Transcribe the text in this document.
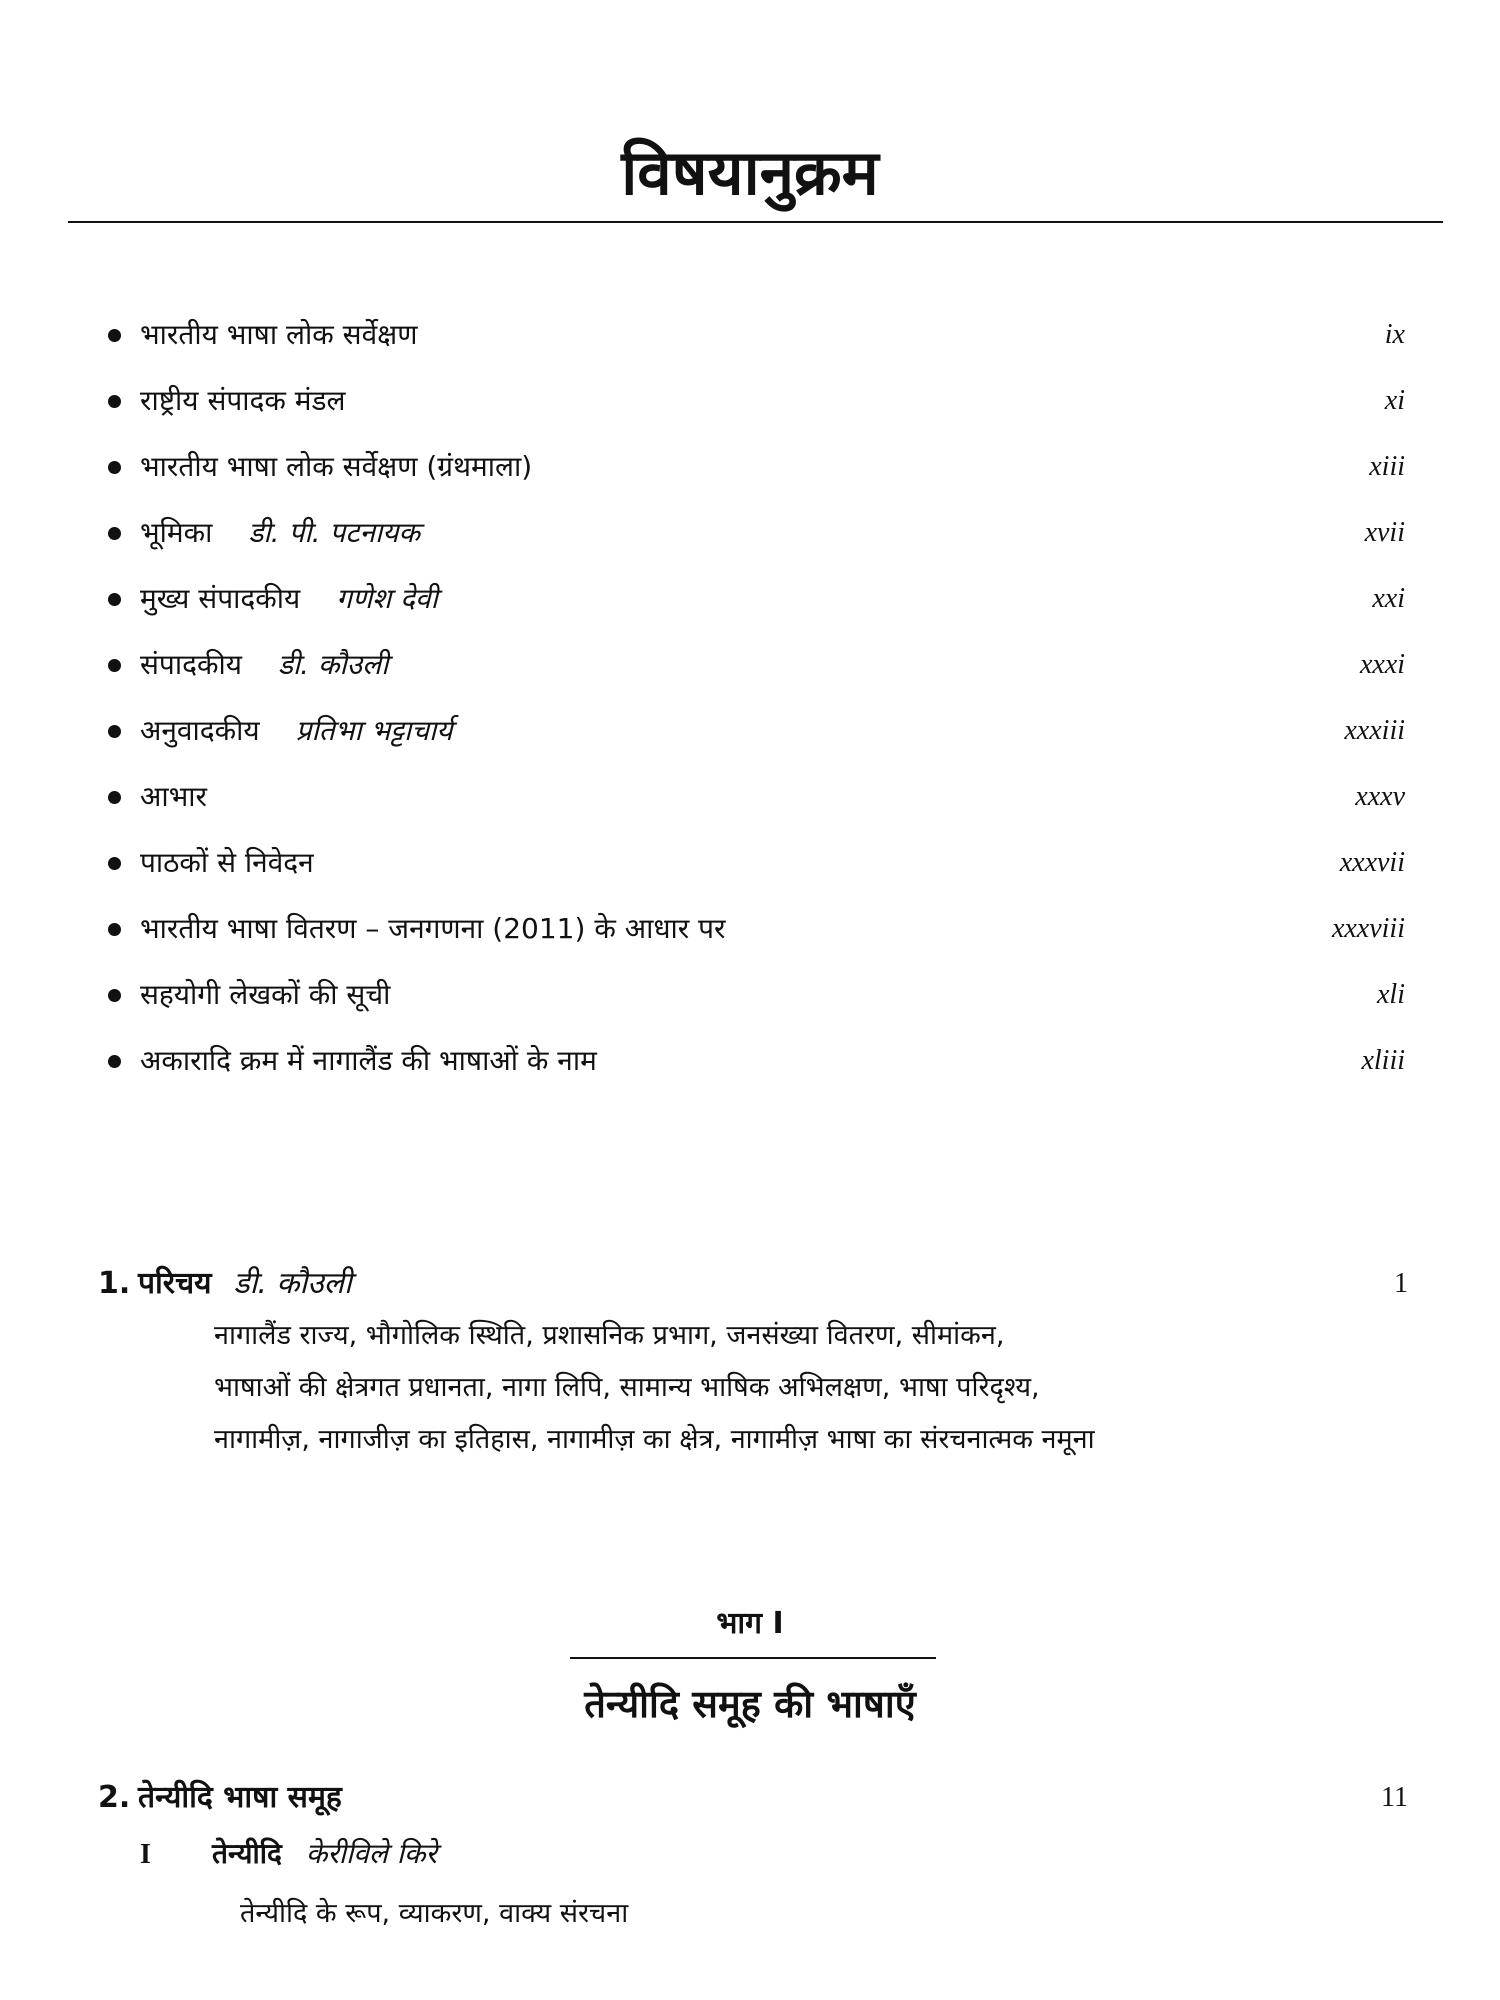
विषयानुक्रम
भारतीय भाषा लोक सर्वेक्षण	ix
राष्ट्रीय संपादक मंडल	xi
भारतीय भाषा लोक सर्वेक्षण (ग्रंथमाला)	xiii
भूमिका डी. पी. पटनायक	xvii
मुख्य संपादकीय गणेश देवी	xxi
संपादकीय डी. कौउली	xxxi
अनुवादकीय प्रतिभा भट्टाचार्य	xxxiii
आभार	xxxv
पाठकों से निवेदन	xxxvii
भारतीय भाषा वितरण – जनगणना (2011) के आधार पर	xxxviii
सहयोगी लेखकों की सूची	xli
अकारादि क्रम में नागालैंड की भाषाओं के नाम	xliii
1. परिचय डी. कौउली	1
नागालैंड राज्य, भौगोलिक स्थिति, प्रशासनिक प्रभाग, जनसंख्या वितरण, सीमांकन,
भाषाओं की क्षेत्रगत प्रधानता, नागा लिपि, सामान्य भाषिक अभिलक्षण, भाषा परिदृश्य,
नागामीज़, नागाजीज़ का इतिहास, नागामीज़ का क्षेत्र, नागामीज़ भाषा का संरचनात्मक नमूना
भाग I
तेन्यीदि समूह की भाषाएँ
2. तेन्यीदि भाषा समूह	11
I तेन्यीदि केरीविले किरे
तेन्यीदि के रूप, व्याकरण, वाक्य संरचना
